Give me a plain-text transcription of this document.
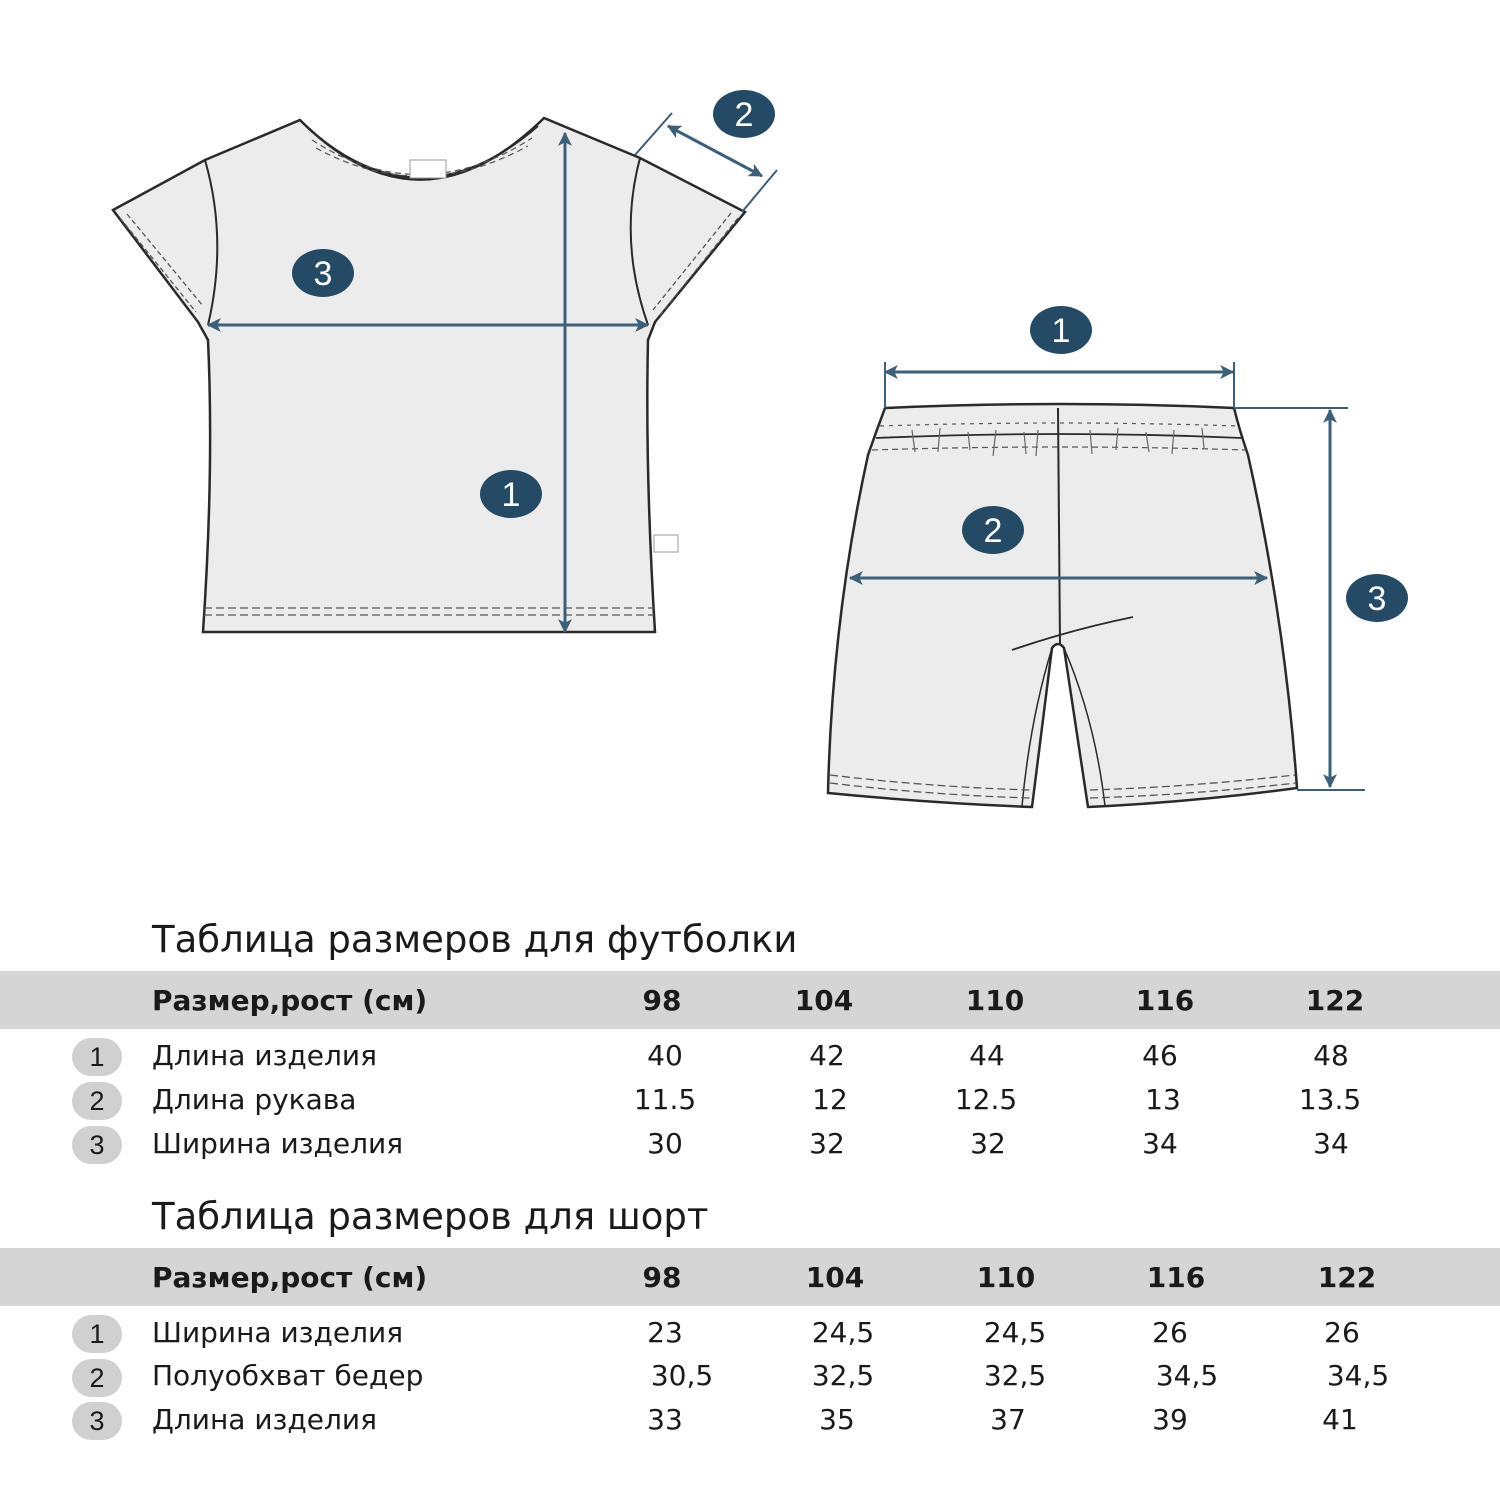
1
2
3
1
2
3
Таблица размеров для футболки
Размер,рост (см)	98	104	110	116	122
1	Длина изделия	40	42	44	46	48
2	Длина рукава	11.5	12	12.5	13	13.5
3	Ширина изделия	30	32	32	34	34
Таблица размеров для шорт
Размер,рост (см)	98	104	110	116	122
1	Ширина изделия	23	24,5	24,5	26	26
2	Полуобхват бедер	30,5	32,5	32,5	34,5	34,5
3	Длина изделия	33	35	37	39	41
